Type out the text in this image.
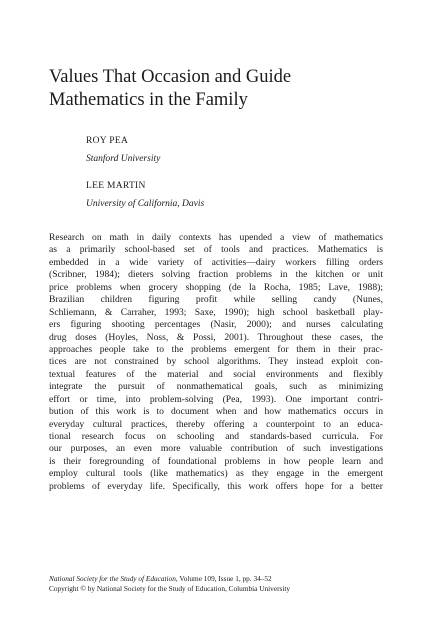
Values That Occasion and Guide
Mathematics in the Family
ROY PEA
Stanford University
LEE MARTIN
University of California, Davis

Research on math in daily contexts has upended a view of mathematics
as a primarily school-based set of tools and practices. Mathematics is
embedded in a wide variety of activities—dairy workers filling orders
(Scribner, 1984); dieters solving fraction problems in the kitchen or unit
price problems when grocery shopping (de la Rocha, 1985; Lave, 1988);
Brazilian children figuring profit while selling candy (Nunes,
Schliemann, & Carraher, 1993; Saxe, 1990); high school basketball play-
ers figuring shooting percentages (Nasir, 2000); and nurses calculating
drug doses (Hoyles, Noss, & Possi, 2001). Throughout these cases, the
approaches people take to the problems emergent for them in their prac-
tices are not constrained by school algorithms. They instead exploit con-
textual features of the material and social environments and flexibly
integrate the pursuit of nonmathematical goals, such as minimizing
effort or time, into problem-solving (Pea, 1993). One important contri-
bution of this work is to document when and how mathematics occurs in
everyday cultural practices, thereby offering a counterpoint to an educa-
tional research focus on schooling and standards-based curricula. For
our purposes, an even more valuable contribution of such investigations
is their foregrounding of foundational problems in how people learn and
employ cultural tools (like mathematics) as they engage in the emergent
problems of everyday life. Specifically, this work offers hope for a better

National Society for the Study of Education, Volume 109, Issue 1, pp. 34–52
Copyright © by National Society for the Study of Education, Columbia University
